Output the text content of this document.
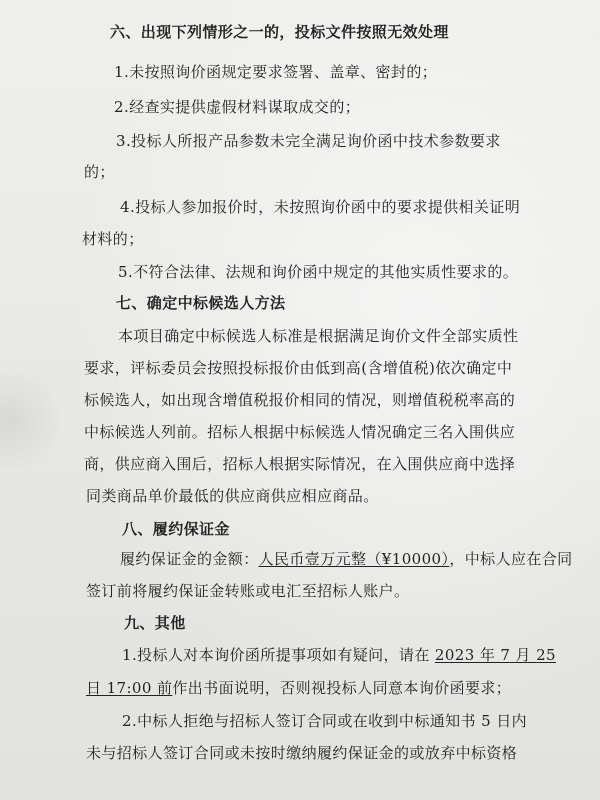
六、出现下列情形之一的，投标文件按照无效处理
1.未按照询价函规定要求签署、盖章、密封的；
2.经查实提供虚假材料谋取成交的；
3.投标人所报产品参数未完全满足询价函中技术参数要求
的；
4.投标人参加报价时，未按照询价函中的要求提供相关证明
材料的；
5.不符合法律、法规和询价函中规定的其他实质性要求的。
七、确定中标候选人方法
本项目确定中标候选人标准是根据满足询价文件全部实质性
要求，评标委员会按照投标报价由低到高(含增值税)依次确定中
标候选人，如出现含增值税报价相同的情况，则增值税税率高的
中标候选人列前。招标人根据中标候选人情况确定三名入围供应
商，供应商入围后，招标人根据实际情况，在入围供应商中选择
同类商品单价最低的供应商供应相应商品。
八、履约保证金
履约保证金的金额：人民币壹万元整（¥10000），中标人应在合同
签订前将履约保证金转账或电汇至招标人账户。
九、其他
1.投标人对本询价函所提事项如有疑问，请在 2023 年 7 月 25
日 17:00 前作出书面说明，否则视投标人同意本询价函要求；
2.中标人拒绝与招标人签订合同或在收到中标通知书 5 日内
未与招标人签订合同或未按时缴纳履约保证金的或放弃中标资格
